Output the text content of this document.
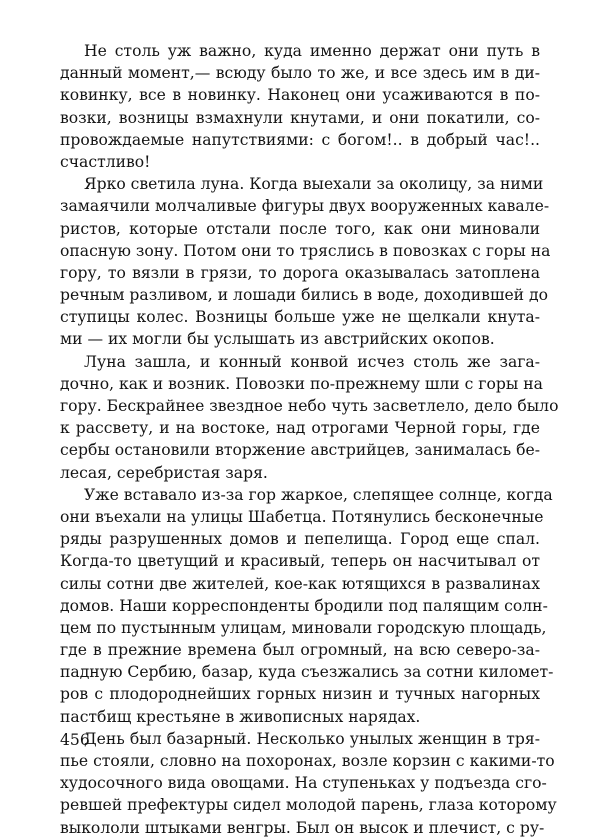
Не столь уж важно, куда именно держат они путь в
данный момент,— всюду было то же, и все здесь им в ди-
ковинку, все в новинку. Наконец они усаживаются в по-
возки, возницы взмахнули кнутами, и они покатили, со-
провождаемые напутствиями: с богом!.. в добрый час!..
счастливо!
Ярко светила луна. Когда выехали за околицу, за ними
замаячили молчаливые фигуры двух вооруженных кавале-
ристов, которые отстали после того, как они миновали
опасную зону. Потом они то тряслись в повозках с горы на
гору, то вязли в грязи, то дорога оказывалась затоплена
речным разливом, и лошади бились в воде, доходившей до
ступицы колес. Возницы больше уже не щелкали кнута-
ми — их могли бы услышать из австрийских окопов.
Луна зашла, и конный конвой исчез столь же зага-
дочно, как и возник. Повозки по-прежнему шли с горы на
гору. Бескрайнее звездное небо чуть засветлело, дело было
к рассвету, и на востоке, над отрогами Черной горы, где
сербы остановили вторжение австрийцев, занималась бе-
лесая, серебристая заря.
Уже вставало из-за гор жаркое, слепящее солнце, когда
они въехали на улицы Шабетца. Потянулись бесконечные
ряды разрушенных домов и пепелища. Город еще спал.
Когда-то цветущий и красивый, теперь он насчитывал от
силы сотни две жителей, кое-как ютящихся в развалинах
домов. Наши корреспонденты бродили под палящим солн-
цем по пустынным улицам, миновали городскую площадь,
где в прежние времена был огромный, на всю северо-за-
падную Сербию, базар, куда съезжались за сотни километ-
ров с плодороднейших горных низин и тучных нагорных
пастбищ крестьяне в живописных нарядах.
День был базарный. Несколько унылых женщин в тря-
пье стояли, словно на похоронах, возле корзин с какими-то
худосочного вида овощами. На ступеньках у подъезда сго-
ревшей префектуры сидел молодой парень, глаза которому
выкололи штыками венгры. Был он высок и плечист, с ру-
456
